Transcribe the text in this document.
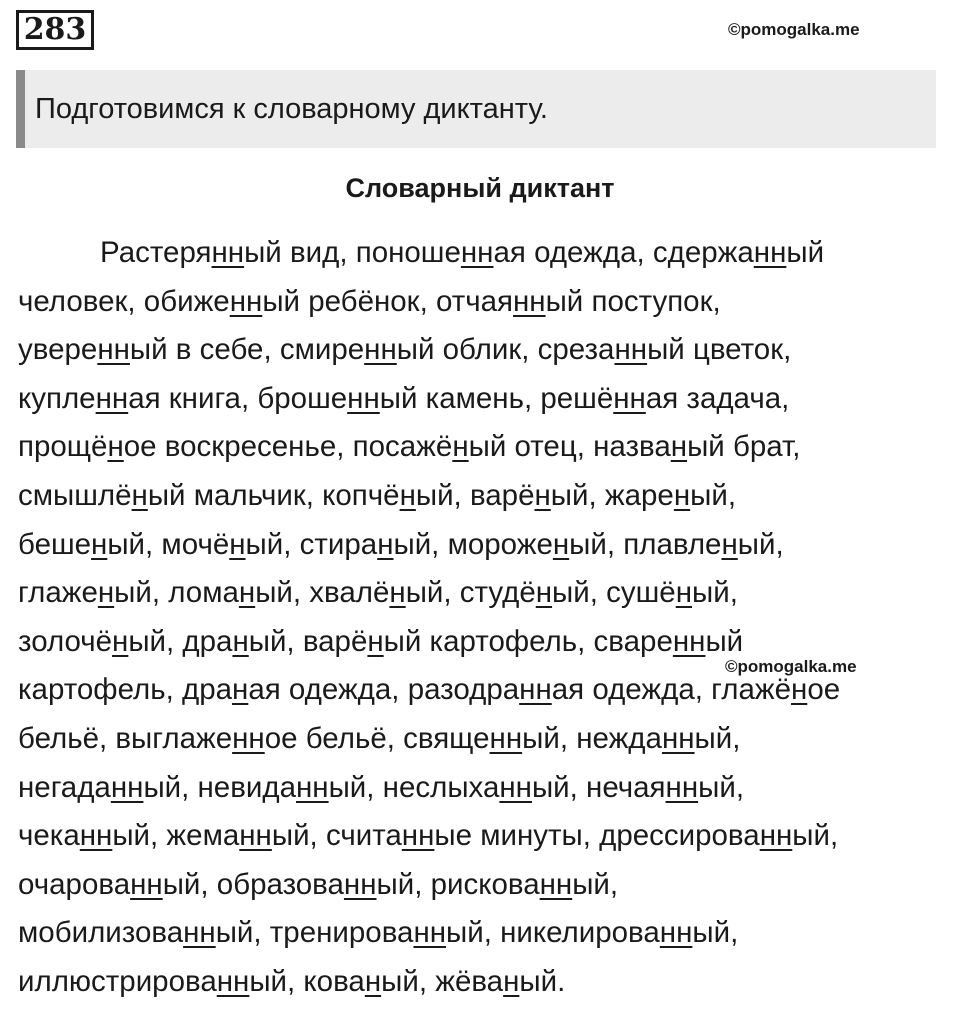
283	©pomogalka.me
Подготовимся к словарному диктанту.
Словарный диктант
Растерянный вид, поношенная одежда, сдержанный
человек, обиженный ребёнок, отчаянный поступок,
уверенный в себе, смиренный облик, срезанный цветок,
купленная книга, брошенный камень, решённая задача,
прощёное воскресенье, посажёный отец, названый брат,
смышлёный мальчик, копчёный, варёный, жареный,
бешеный, мочёный, стираный, мороженый, плавленый,
глаженый, ломаный, хвалёный, студёный, сушёный,
золочёный, драный, варёный картофель, сваренный
картофель, драная одежда, разодранная одежда, глажёное
бельё, выглаженное бельё, священный, нежданный,
негаданный, невиданный, неслыханный, нечаянный,
чеканный, жеманный, считанные минуты, дрессированный,
очарованный, образованный, рискованный,
мобилизованный, тренированный, никелированный,
иллюстрированный, кованый, жёваный.
©pomogalka.me
